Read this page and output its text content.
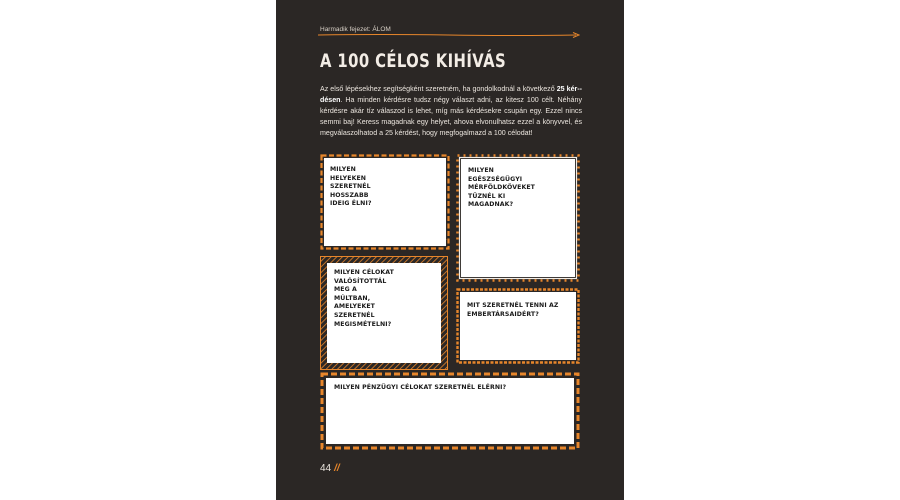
Harmadik fejezet: ÁLOM
A 100 CÉLOS KIHÍVÁS
Az első lépésekhez segítségként szeretném, ha gondolkodnál a következő 25 kér-désen. Ha minden kérdésre tudsz négy választ adni, az kitesz 100 célt. Néhány kérdésre akár tíz válaszod is lehet, míg más kérdésekre csupán egy. Ezzel nincs semmi baj! Keress magadnak egy helyet, ahova elvonulhatsz ezzel a könyvvel, és megválaszolhatod a 25 kérdést, hogy megfogalmazd a 100 célodat!
MILYEN HELYEKEN SZERETNÉL HOSSZABB IDEIG ÉLNI?
MILYEN EGÉSZSÉGÜGYI MÉRFÖLDKÖVEKET TŰZNÉL KI MAGADNAK?
MILYEN CÉLOKAT VALÓSÍTOTTÁL MEG A MÚLTBAN, AMELYEKET SZERETNÉL MEGISMÉTELNI?
MIT SZERETNÉL TENNI AZ EMBERTÁRSAIDÉRT?
MILYEN PÉNZÜGYI CÉLOKAT SZERETNÉL ELÉRNI?
44 //
